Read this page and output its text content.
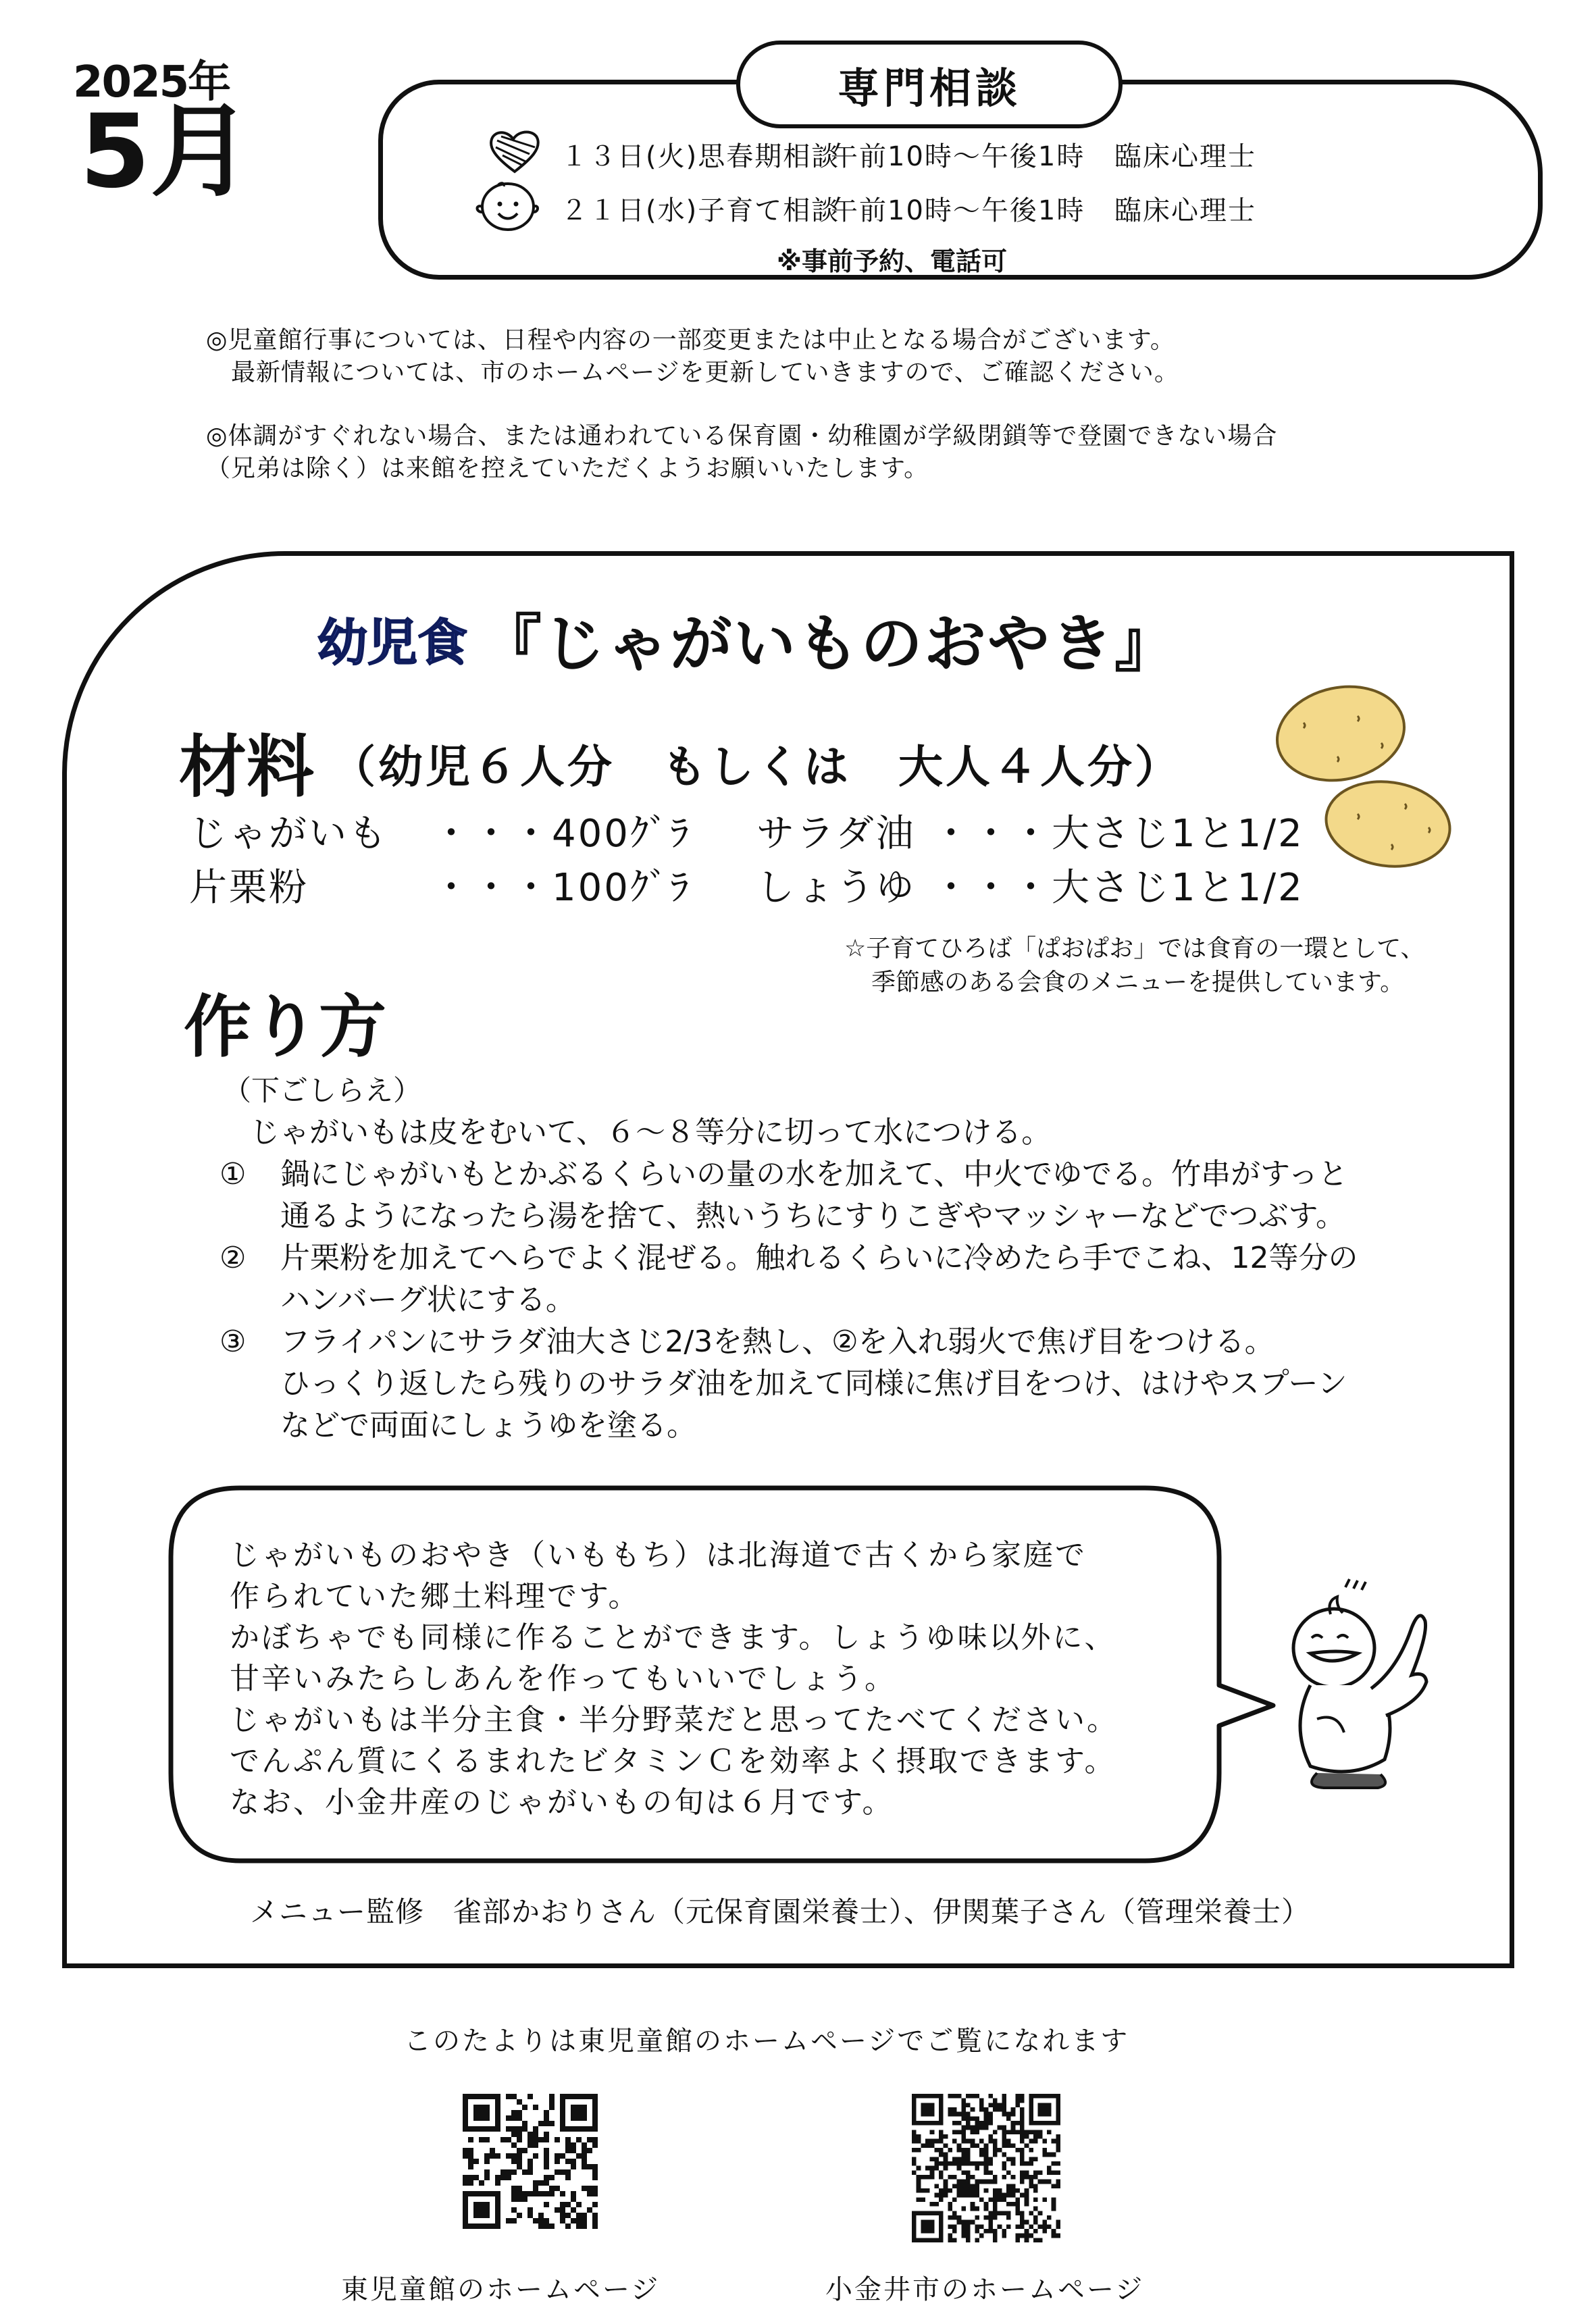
2025年
5月
専門相談
１３日(火)思春期相談午前10時～午後1時 臨床心理士
２１日(水)子育て相談午前10時～午後1時 臨床心理士
※事前予約、電話可
◎児童館行事については、日程や内容の一部変更または中止となる場合がございます。
　最新情報については、市のホームページを更新していきますので、ご確認ください。
◎体調がすぐれない場合、または通われている保育園・幼稚園が学級閉鎖等で登園できない場合
（兄弟は除く）は来館を控えていただくようお願いいたします。
幼児食 『じゃがいものおやき』
材料 （幼児６人分　もしくは　大人４人分）
じゃがいも ・・・400ｸﾞﾗ
片栗粉	・・・100ｸﾞﾗ
サラダ油 ・・・大さじ1と1/2
しょうゆ ・・・大さじ1と1/2
☆子育てひろば「ぱおぱお」では食育の一環として、
季節感のある会食のメニューを提供しています。
作り方
（下ごしらえ）
じゃがいもは皮をむいて、６～８等分に切って水につける。
① 鍋にじゃがいもとかぶるくらいの量の水を加えて、中火でゆでる。竹串がすっと
通るようになったら湯を捨て、熱いうちにすりこぎやマッシャーなどでつぶす。
② 片栗粉を加えてへらでよく混ぜる。触れるくらいに冷めたら手でこね、12等分の
ハンバーグ状にする。
③ フライパンにサラダ油大さじ2/3を熱し、②を入れ弱火で焦げ目をつける。
ひっくり返したら残りのサラダ油を加えて同様に焦げ目をつけ、はけやスプーン
などで両面にしょうゆを塗る。
じゃがいものおやき（いももち）は北海道で古くから家庭で
作られていた郷土料理です。
かぼちゃでも同様に作ることができます。しょうゆ味以外に、
甘辛いみたらしあんを作ってもいいでしょう。
じゃがいもは半分主食・半分野菜だと思ってたべてください。
でんぷん質にくるまれたビタミンＣを効率よく摂取できます。
なお、小金井産のじゃがいもの旬は６月です。
メニュー監修　雀部かおりさん（元保育園栄養士）、伊関葉子さん（管理栄養士）
このたよりは東児童館のホームページでご覧になれます
東児童館のホームページ	小金井市のホームページ
